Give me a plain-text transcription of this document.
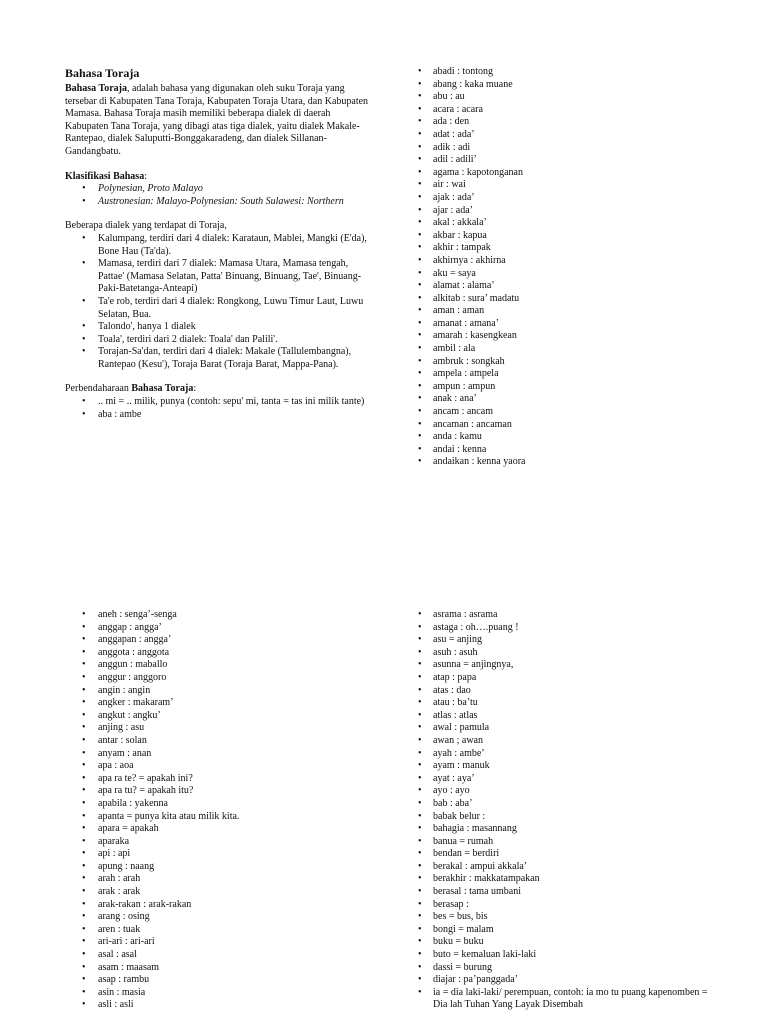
Bahasa Toraja

Bahasa Toraja, adalah bahasa yang digunakan oleh suku Toraja yang tersebar di Kabupaten Tana Toraja, Kabupaten Toraja Utara, dan Kabupaten Mamasa. Bahasa Toraja masih memiliki beberapa dialek di daerah Kabupaten Tana Toraja, yang dibagi atas tiga dialek, yaitu dialek Makale-Rantepao, dialek Saluputti-Bonggakaradeng, dan dialek Sillanan-Gandangbatu.

Klasifikasi Bahasa:

• Polynesian, Proto Malayo
• Austronesian: Malayo-Polynesian: South Sulawesi: Northern

Beberapa dialek yang terdapat di Toraja,

• Kalumpang, terdiri dari 4 dialek: Karataun, Mablei, Mangki (E'da), Bone Hau (Ta'da).
• Mamasa, terdiri dari 7 dialek: Mamasa Utara, Mamasa tengah, Pattae' (Mamasa Selatan, Patta' Binuang, Binuang, Tae', Binuang-Paki-Batetanga-Anteapi)
• Ta'e rob, terdiri dari 4 dialek: Rongkong, Luwu Timur Laut, Luwu Selatan, Bua.
• Talondo', hanya 1 dialek
• Toala', terdiri dari 2 dialek: Toala' dan Palili'.
• Torajan-Sa'dan, terdiri dari 4 dialek: Makale (Tallulembangna), Rantepao (Kesu'), Toraja Barat (Toraja Barat, Mappa-Pana).

Perbendaharaan Bahasa Toraja:

• .. mi = .. milik, punya (contoh: sepu' mi, tanta = tas ini milik tante)
• aba : ambe
• abadi : tontong
• abang : kaka muane
• abu : au
• acara : acara
• ada : den
• adat : ada’
• adik : adi
• adil : adili’
• agama : kapotonganan
• air : wai
• ajak : ada’
• ajar : ada’
• akal : akkala’
• akbar : kapua
• akhir : tampak
• akhirnya : akhirna
• aku = saya
• alamat : alama’
• alkitab : sura’ madatu
• aman : aman
• amanat : amana’
• amarah : kasengkean
• ambil : ala
• ambruk : songkah
• ampela : ampela
• ampun : ampun
• anak : ana’
• ancam : ancam
• ancaman : ancaman
• anda : kamu
• andai : kenna
• andaikan : kenna yaora
• aneh : senga’-senga
• anggap : angga’
• anggapan : angga’
• anggota : anggota
• anggun : maballo
• anggur : anggoro
• angin : angin
• angker : makaram’
• angkut : angku’
• anjing : asu
• antar : solan
• anyam : anan
• apa : aoa
• apa ra te? = apakah ini?
• apa ra tu? = apakah itu?
• apabila : yakenna
• apanta = punya kita atau milik kita.
• apara = apakah
• aparaka
• api : api
• apung : naang
• arah : arah
• arak : arak
• arak-rakan : arak-rakan
• arang : osing
• aren : tuak
• ari-ari : ari-ari
• asal : asal
• asam : maasam
• asap : rambu
• asin : masia
• asli : asli
• asrama : asrama
• astaga : oh….puang !
• asu = anjing
• asuh : asuh
• asunna = anjingnya,
• atap : papa
• atas : dao
• atau : ba’tu
• atlas : atlas
• awal : pamula
• awan ; awan
• ayah : ambe’
• ayam : manuk
• ayat : aya’
• ayo : ayo
• bab : aba’
• babak belur :
• bahagia : masannang
• banua = rumah
• bendan = berdiri
• berakal : ampui akkala’
• berakhir : makkatampakan
• berasal : tama umbani
• berasap :
• bes = bus, bis
• bongi = malam
• buku = buku
• buto = kemaluan laki-laki
• dassi = burung
• diajar : pa’panggada’
• ia = dia laki-laki/ perempuan, contoh: ia mo tu puang kapenomben = Dia lah Tuhan Yang Layak Disembah
